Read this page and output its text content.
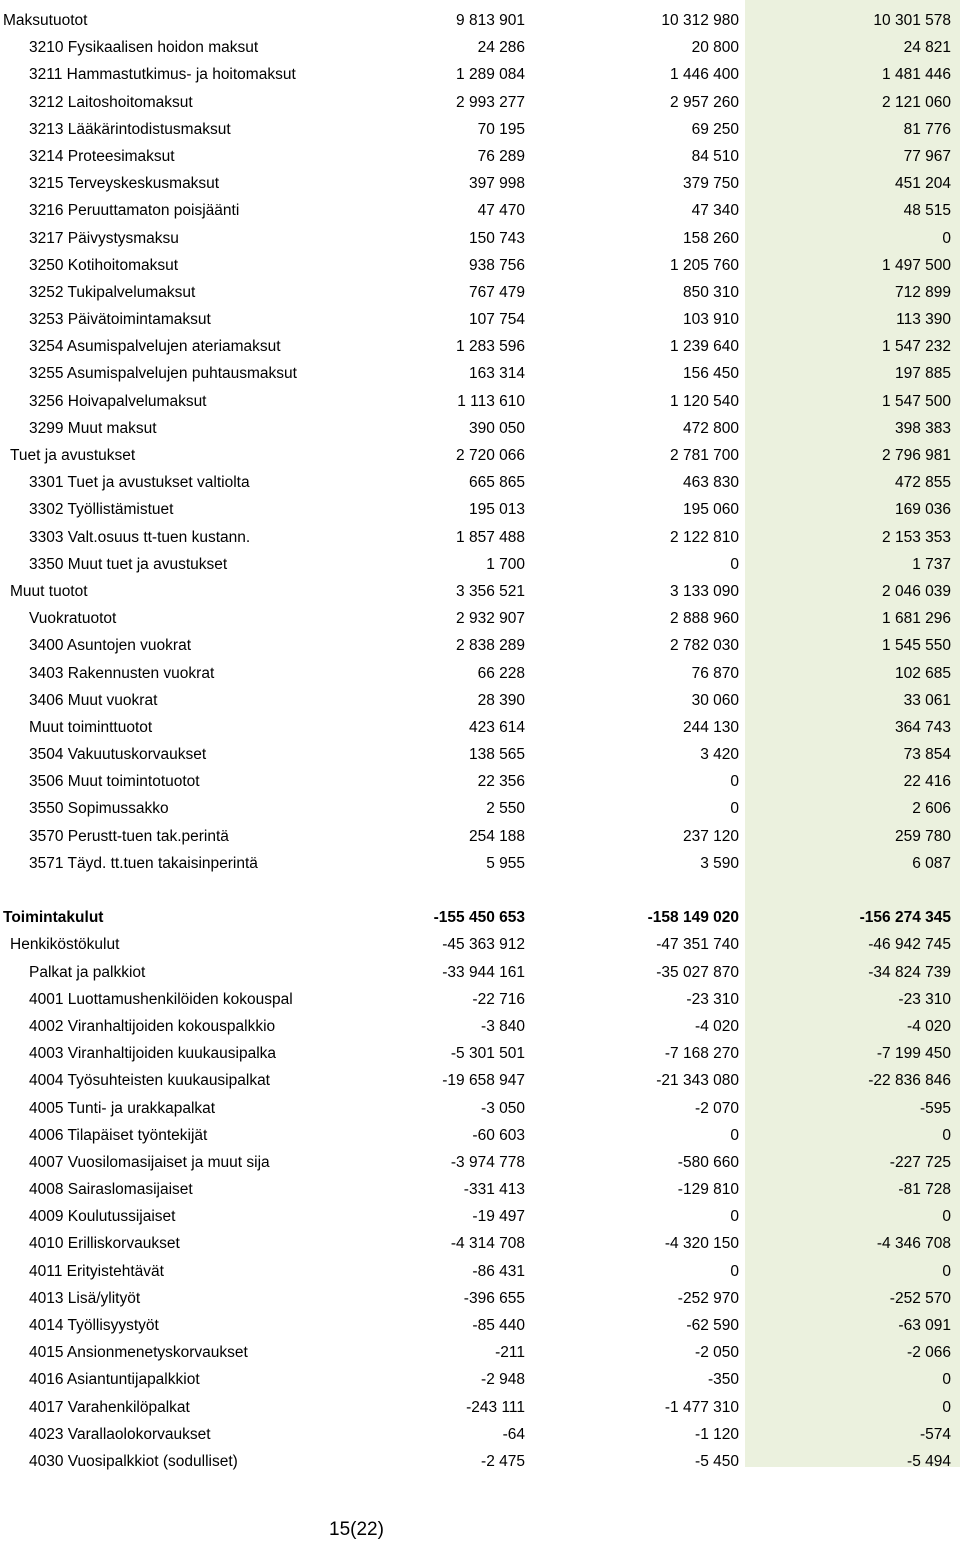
Maksutuotot	9 813 901	10 312 980	10 301 578
3210 Fysikaalisen hoidon maksut	24 286	20 800	24 821
3211 Hammastutkimus- ja hoitomaksut	1 289 084	1 446 400	1 481 446
3212 Laitoshoitomaksut	2 993 277	2 957 260	2 121 060
3213 Lääkärintodistusmaksut	70 195	69 250	81 776
3214 Proteesimaksut	76 289	84 510	77 967
3215 Terveyskeskusmaksut	397 998	379 750	451 204
3216 Peruuttamaton poisjäänti	47 470	47 340	48 515
3217 Päivystysmaksu	150 743	158 260	0
3250 Kotihoitomaksut	938 756	1 205 760	1 497 500
3252 Tukipalvelumaksut	767 479	850 310	712 899
3253 Päivätoimintamaksut	107 754	103 910	113 390
3254 Asumispalvelujen ateriamaksut	1 283 596	1 239 640	1 547 232
3255 Asumispalvelujen puhtausmaksut	163 314	156 450	197 885
3256 Hoivapalvelumaksut	1 113 610	1 120 540	1 547 500
3299 Muut maksut	390 050	472 800	398 383
Tuet ja avustukset	2 720 066	2 781 700	2 796 981
3301 Tuet ja avustukset valtiolta	665 865	463 830	472 855
3302 Työllistämistuet	195 013	195 060	169 036
3303 Valt.osuus tt-tuen kustann.	1 857 488	2 122 810	2 153 353
3350 Muut tuet ja avustukset	1 700	0	1 737
Muut tuotot	3 356 521	3 133 090	2 046 039
Vuokratuotot	2 932 907	2 888 960	1 681 296
3400 Asuntojen vuokrat	2 838 289	2 782 030	1 545 550
3403 Rakennusten vuokrat	66 228	76 870	102 685
3406 Muut vuokrat	28 390	30 060	33 061
Muut toiminttuotot	423 614	244 130	364 743
3504 Vakuutuskorvaukset	138 565	3 420	73 854
3506 Muut toimintotuotot	22 356	0	22 416
3550 Sopimussakko	2 550	0	2 606
3570 Perustt-tuen tak.perintä	254 188	237 120	259 780
3571 Täyd. tt.tuen takaisinperintä	5 955	3 590	6 087
Toimintakulut	-155 450 653	-158 149 020	-156 274 345
Henkiköstökulut	-45 363 912	-47 351 740	-46 942 745
Palkat ja palkkiot	-33 944 161	-35 027 870	-34 824 739
4001 Luottamushenkilöiden kokouspal	-22 716	-23 310	-23 310
4002 Viranhaltijoiden kokouspalkkio	-3 840	-4 020	-4 020
4003 Viranhaltijoiden kuukausipalka	-5 301 501	-7 168 270	-7 199 450
4004 Työsuhteisten kuukausipalkat	-19 658 947	-21 343 080	-22 836 846
4005 Tunti- ja urakkapalkat	-3 050	-2 070	-595
4006 Tilapäiset työntekijät	-60 603	0	0
4007 Vuosilomasijaiset ja muut sija	-3 974 778	-580 660	-227 725
4008 Sairaslomasijaiset	-331 413	-129 810	-81 728
4009 Koulutussijaiset	-19 497	0	0
4010 Erilliskorvaukset	-4 314 708	-4 320 150	-4 346 708
4011 Erityistehtävät	-86 431	0	0
4013 Lisä/ylityöt	-396 655	-252 970	-252 570
4014 Työllisyystyöt	-85 440	-62 590	-63 091
4015 Ansionmenetyskorvaukset	-211	-2 050	-2 066
4016 Asiantuntijapalkkiot	-2 948	-350	0
4017 Varahenkilöpalkat	-243 111	-1 477 310	0
4023 Varallaolokorvaukset	-64	-1 120	-574
4030 Vuosipalkkiot (sodulliset)	-2 475	-5 450	-5 494
15(22)
